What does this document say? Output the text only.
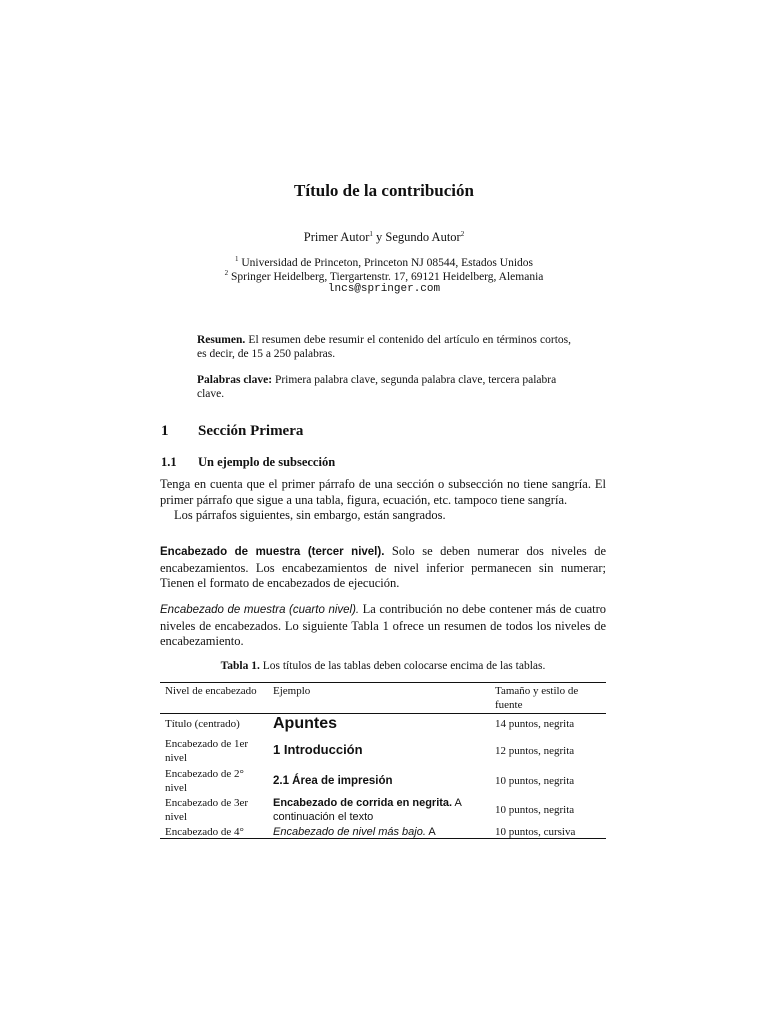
Título de la contribución
Primer Autor$^1$ y Segundo Autor$^2$
$^1$ Universidad de Princeton, Princeton NJ 08544, Estados Unidos
$^2$ Springer Heidelberg, Tiergartenstr. 17, 69121 Heidelberg, Alemania
lncs@springer.com
Resumen. El resumen debe resumir el contenido del artículo en términos cortos, es decir, de 15 a 250 palabras.
Palabras clave: Primera palabra clave, segunda palabra clave, tercera palabra clave.
1 Sección Primera
1.1 Un ejemplo de subsección
Tenga en cuenta que el primer párrafo de una sección o subsección no tiene sangría. El primer párrafo que sigue a una tabla, figura, ecuación, etc. tampoco tiene sangría.
Los párrafos siguientes, sin embargo, están sangrados.
Encabezado de muestra (tercer nivel). Solo se deben numerar dos niveles de encabezamientos. Los encabezamientos de nivel inferior permanecen sin numerar; Tienen el formato de encabezados de ejecución.
Encabezado de muestra (cuarto nivel). La contribución no debe contener más de cuatro niveles de encabezados. Lo siguiente Tabla 1 ofrece un resumen de todos los niveles de encabezamiento.
Tabla 1. Los títulos de las tablas deben colocarse encima de las tablas.
Nivel de encabezado	Ejemplo	Tamaño y estilo de fuente
Título (centrado)	Apuntes	14 puntos, negrita
Encabezado de 1er nivel	1 Introducción	12 puntos, negrita
Encabezado de 2° nivel	2.1 Área de impresión	10 puntos, negrita
Encabezado de 3er nivel	Encabezado de corrida en negrita. A continuación el texto	10 puntos, negrita
Encabezado de 4°	Encabezado de nivel más bajo. A	10 puntos, cursiva
